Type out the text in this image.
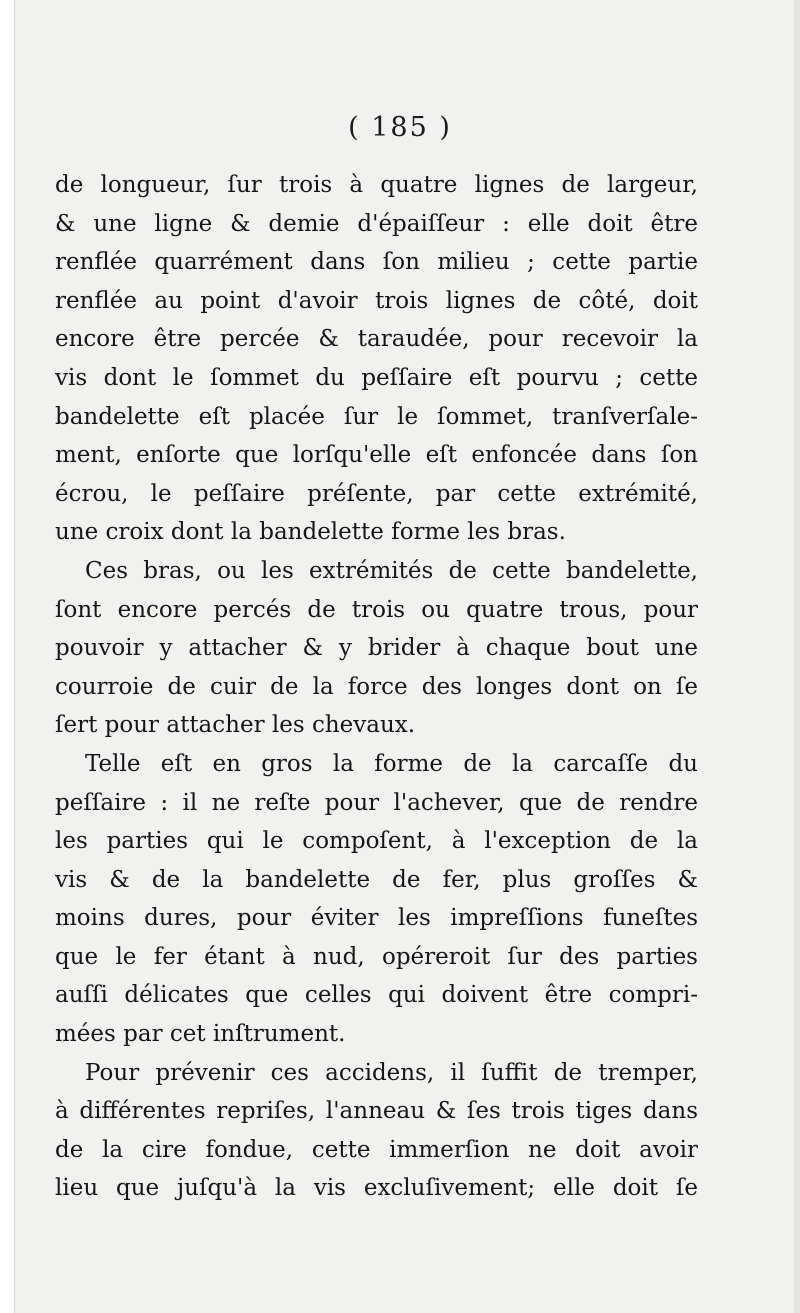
( 185 )
de longueur, ſur trois à quatre lignes de largeur,
& une ligne & demie d'épaiſſeur : elle doit être
renflée quarrément dans ſon milieu ; cette partie
renflée au point d'avoir trois lignes de côté, doit
encore être percée & taraudée, pour recevoir la
vis dont le ſommet du peſſaire eſt pourvu ; cette
bandelette eſt placée ſur le ſommet, tranſverſale-
ment, enſorte que lorſqu'elle eſt enfoncée dans ſon
écrou, le peſſaire préſente, par cette extrémité,
une croix dont la bandelette forme les bras.
Ces bras, ou les extrémités de cette bandelette,
ſont encore percés de trois ou quatre trous, pour
pouvoir y attacher & y brider à chaque bout une
courroie de cuir de la force des longes dont on ſe
ſert pour attacher les chevaux.
Telle eſt en gros la forme de la carcaſſe du
peſſaire : il ne reſte pour l'achever, que de rendre
les parties qui le compoſent, à l'exception de la
vis & de la bandelette de fer, plus groſſes &
moins dures, pour éviter les impreſſions funeſtes
que le fer étant à nud, opéreroit ſur des parties
auſſi délicates que celles qui doivent être compri-
mées par cet inſtrument.
Pour prévenir ces accidens, il ſuffit de tremper,
à différentes repriſes, l'anneau & ſes trois tiges dans
de la cire fondue, cette immerſion ne doit avoir
lieu que juſqu'à la vis excluſivement; elle doit ſe
